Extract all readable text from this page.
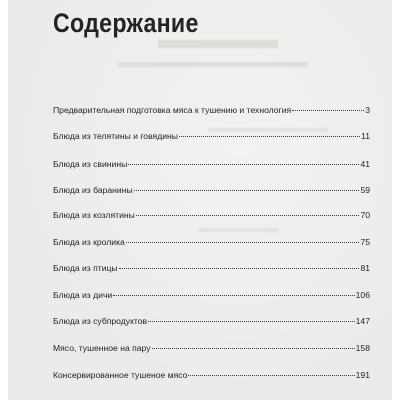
Содержание
Предварительная подготовка мяса к тушению и технология	3
Блюда из телятины и говядины	11
Блюда из свинины	41
Блюда из баранины	59
Блюда из козлятины	70
Блюда из кролика	75
Блюда из птицы	81
Блюда из дичи	106
Блюда из субпродуктов	147
Мясо, тушенное на пару	158
Консервированное тушеное мясо	191
